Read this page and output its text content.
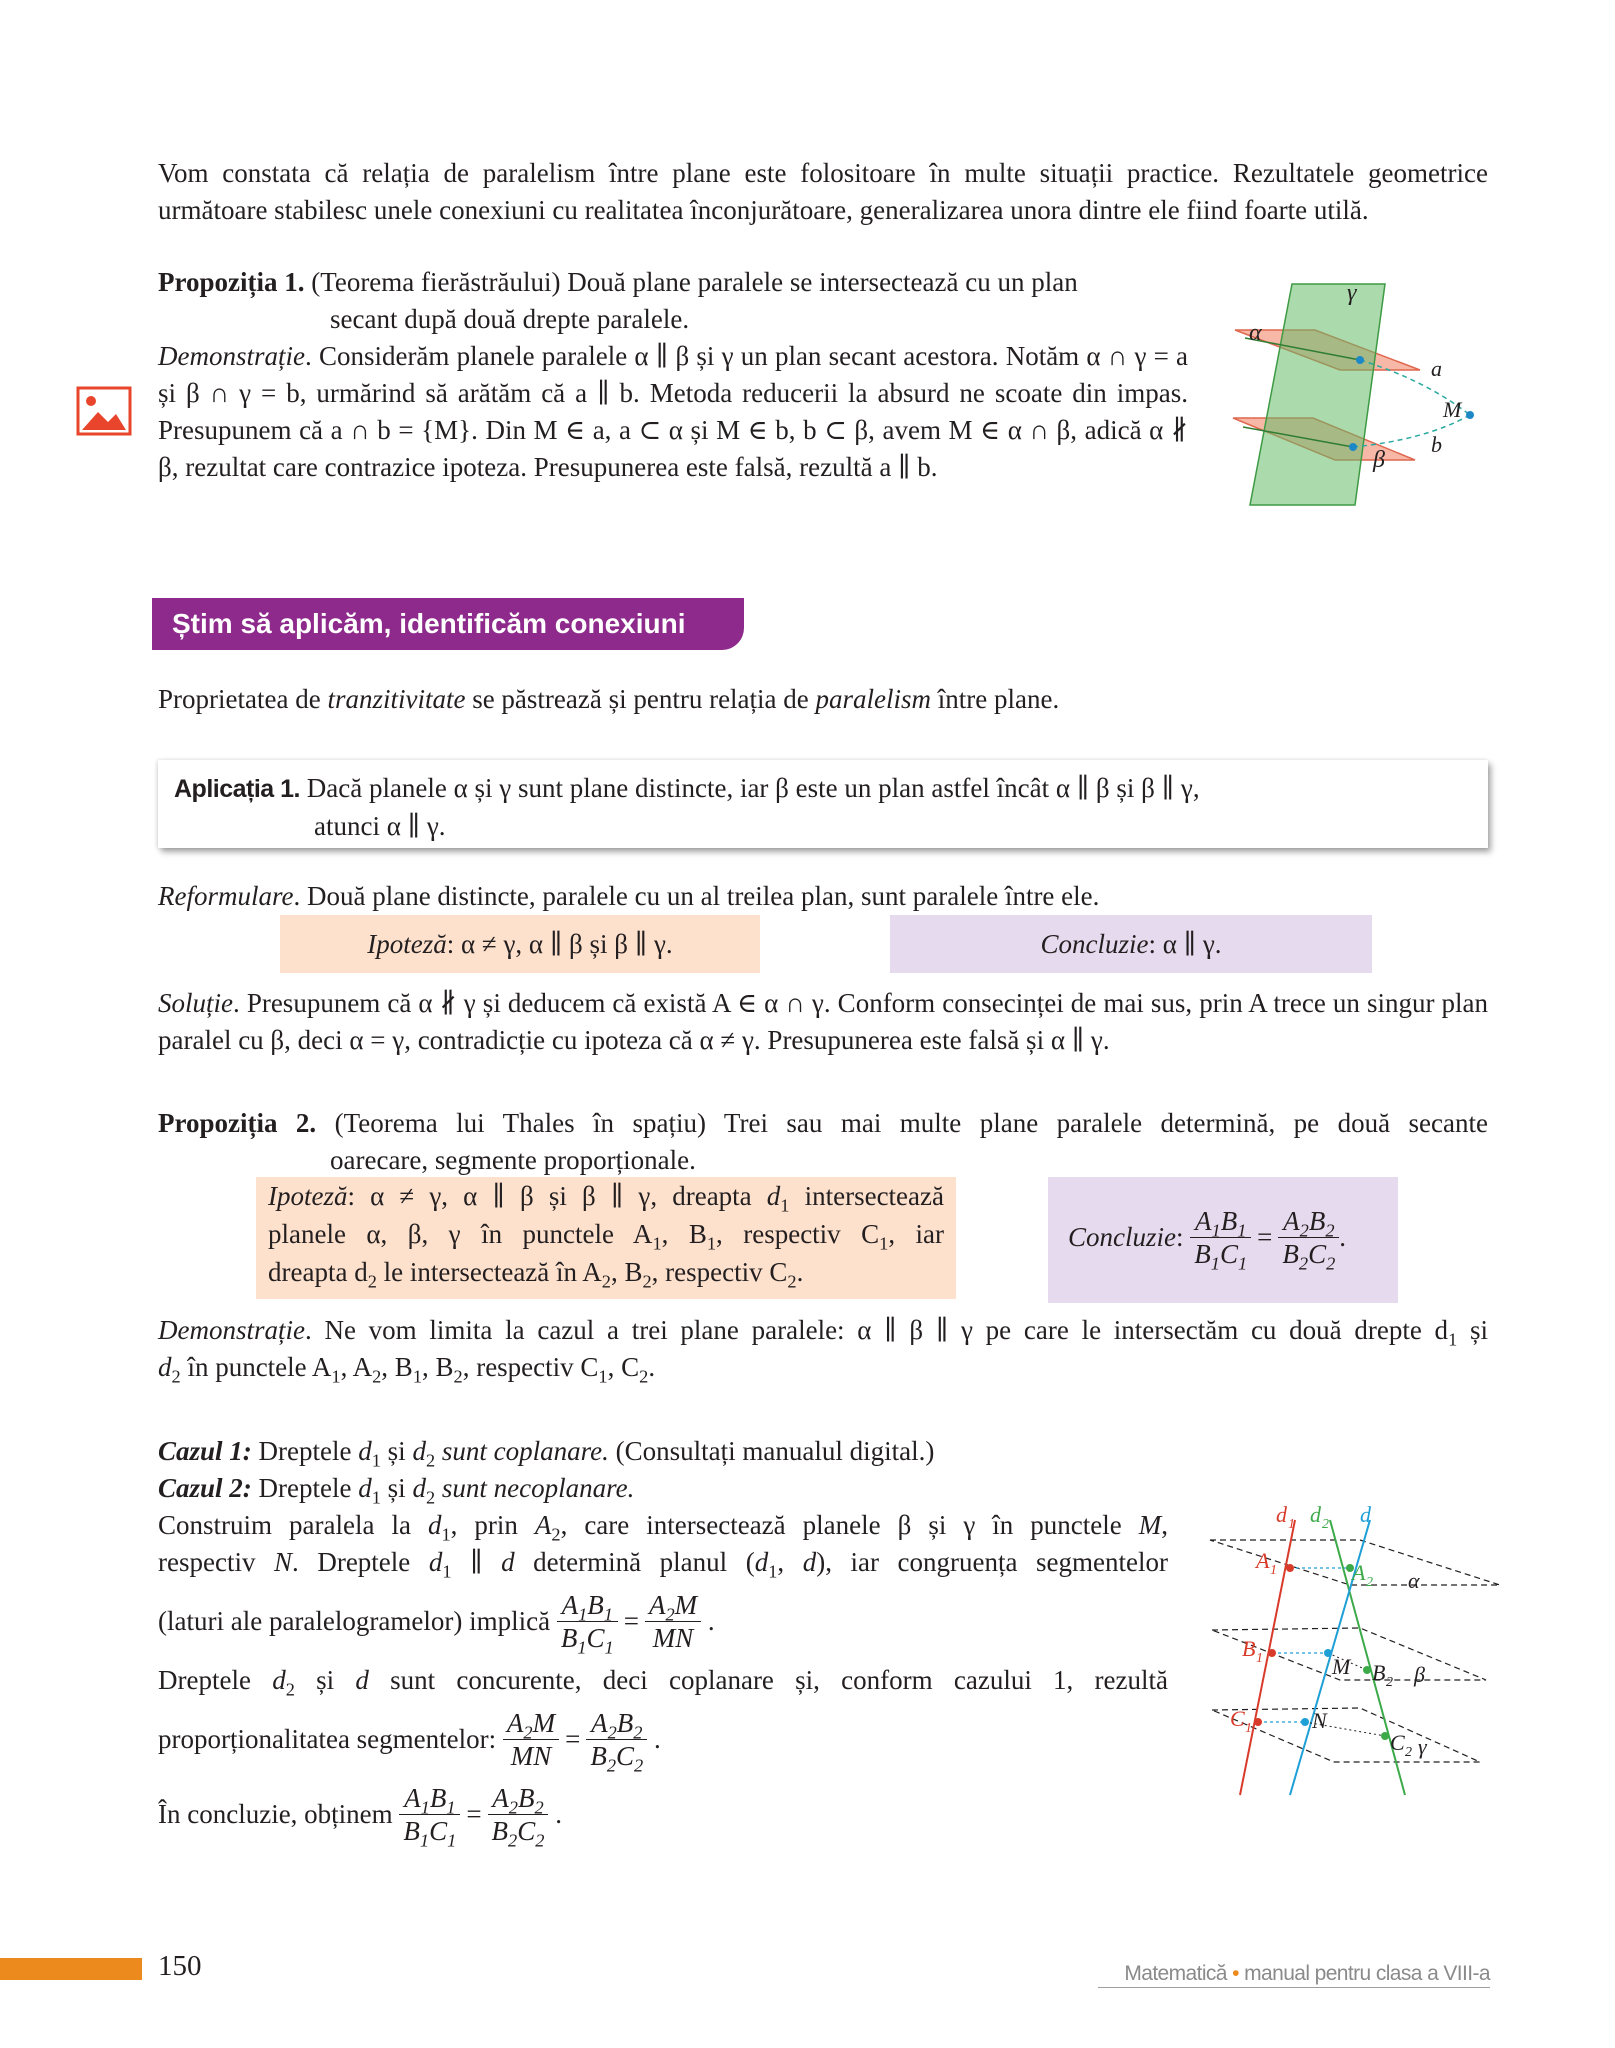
Vom constata că relația de paralelism între plane este folositoare în multe situații practice. Rezultatele geometrice următoare stabilesc unele conexiuni cu realitatea înconjurătoare, generalizarea unora dintre ele fiind foarte utilă.
Propoziția 1. (Teorema fierăstrăului) Două plane paralele se intersectează cu un plan
secant după două drepte paralele.
Demonstrație. Considerăm planele paralele α ∥ β și γ un plan secant acestora. Notăm α ∩ γ = a și β ∩ γ = b, urmărind să arătăm că a ∥ b. Metoda reducerii la absurd ne scoate din impas. Presupunem că a ∩ b = {M}. Din M ∈ a, a ⊂ α și M ∈ b, b ⊂ β, avem M ∈ α ∩ β, adică α ∦ β, rezultat care contrazice ipoteza. Presupunerea este falsă, rezultă a ∥ b.
γ
α
a
M
β
b
Știm să aplicăm, identificăm conexiuni
Proprietatea de tranzitivitate se păstrează și pentru relația de paralelism între plane.
Aplicația 1. Dacă planele α și γ sunt plane distincte, iar β este un plan astfel încât α ∥ β și β ∥ γ,
atunci α ∥ γ.
Reformulare. Două plane distincte, paralele cu un al treilea plan, sunt paralele între ele.
Ipoteză: α ≠ γ, α ∥ β și β ∥ γ.	Concluzie: α ∥ γ.
Soluție. Presupunem că α ∦ γ și deducem că există A ∈ α ∩ γ. Conform consecinței de mai sus, prin A trece un singur plan paralel cu β, deci α = γ, contradicție cu ipoteza că α ≠ γ. Presupunerea este falsă și α ∥ γ.
Propoziția 2. (Teorema lui Thales în spațiu) Trei sau mai multe plane paralele determină, pe două secante
oarecare, segmente proporționale.
Ipoteză: α ≠ γ, α ∥ β și β ∥ γ, dreapta $d_1$ intersectează
planele α, β, γ în punctele $A_1$, $B_1$, respectiv $C_1$, iar
dreapta $d_2$ le intersectează în $A_2$, $B_2$, respectiv $C_2$.
Concluzie: $\frac{A_1B_1}{B_1C_1} = \frac{A_2B_2}{B_2C_2}$ .
Demonstrație. Ne vom limita la cazul a trei plane paralele: α ∥ β ∥ γ pe care le intersectăm cu două drepte $d_1$ și
$d_2$ în punctele $A_1$, $A_2$, $B_1$, $B_2$, respectiv $C_1$, $C_2$.
Cazul 1: Dreptele $d_1$ și $d_2$ sunt coplanare. (Consultați manualul digital.)
Cazul 2: Dreptele $d_1$ și $d_2$ sunt necoplanare.
Construim paralela la $d_1$, prin $A_2$, care intersectează planele β și γ în punctele M,
respectiv N. Dreptele $d_1$ ∥ d determină planul ($d_1$, d), iar congruența segmentelor
(laturi ale paralelogramelor) implică $\frac{A_1B_1}{B_1C_1} = \frac{A_2M}{MN}$ .
Dreptele $d_2$ și d sunt concurente, deci coplanare și, conform cazului 1, rezultă
proporționalitatea segmentelor: $\frac{A_2M}{MN} = \frac{A_2B_2}{B_2C_2}$ .
În concluzie, obținem $\frac{A_1B_1}{B_1C_1} = \frac{A_2B_2}{B_2C_2}$ .
d 1 d 2 d
A 1	A 2 α
B 1	M B 2 β
C 1	N
C 2 γ
150	Matematică • manual pentru clasa a VIII-a
